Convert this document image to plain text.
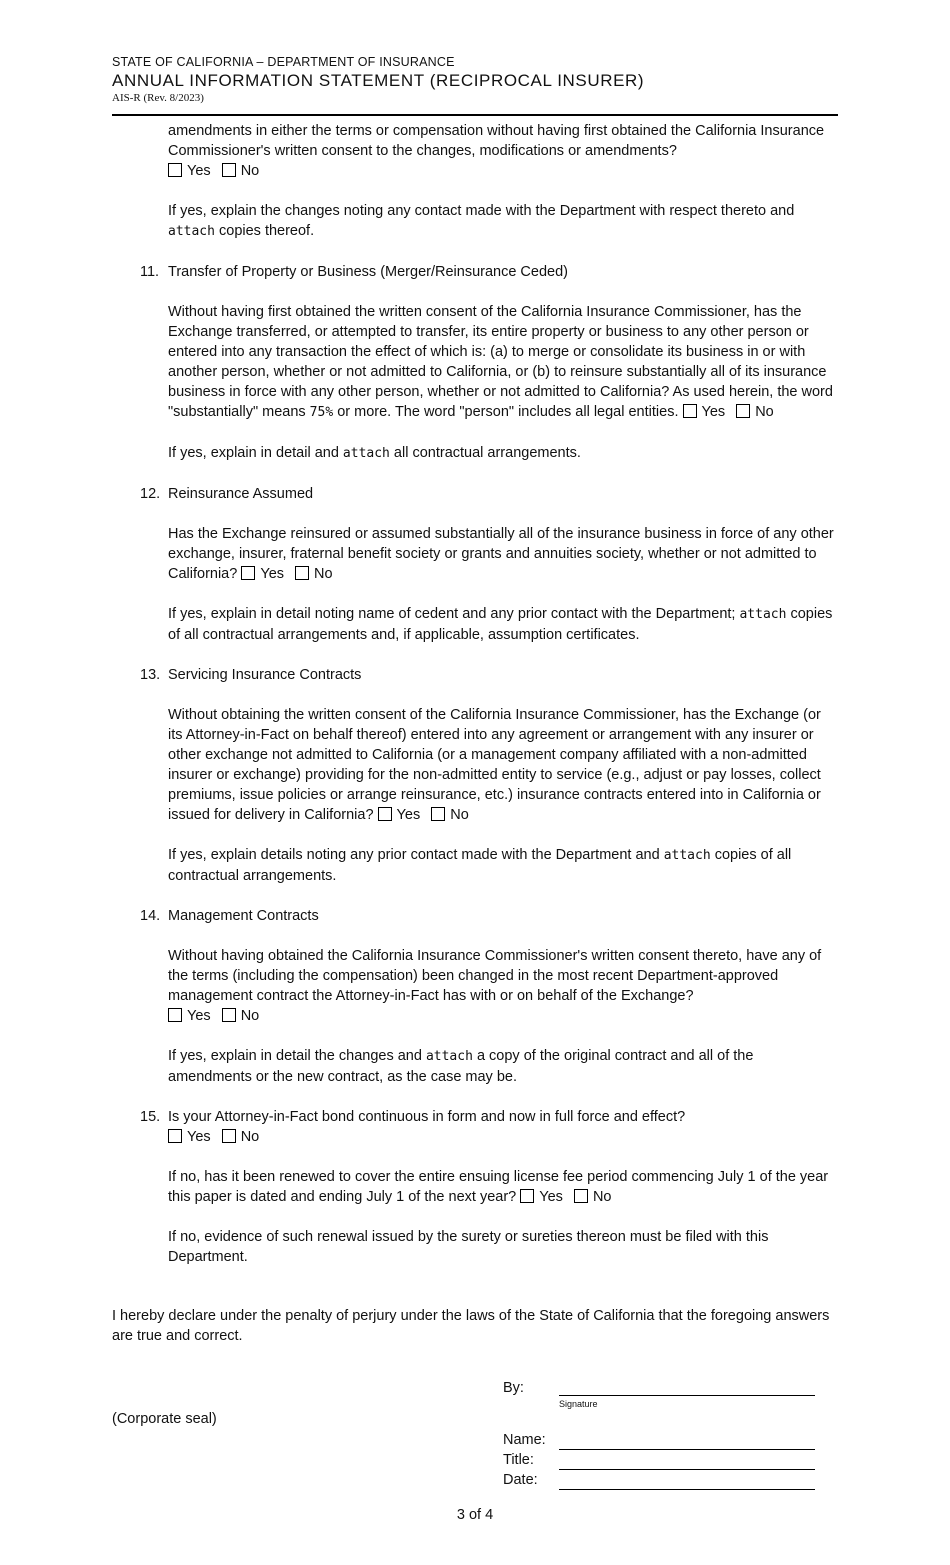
STATE OF CALIFORNIA – DEPARTMENT OF INSURANCE
ANNUAL INFORMATION STATEMENT (RECIPROCAL INSURER)
AIS-R (Rev. 8/2023)

amendments in either the terms or compensation without having first obtained the California Insurance Commissioner's written consent to the changes, modifications or amendments?

Yes No

If yes, explain the changes noting any contact made with the Department with respect thereto and attach copies thereof.

11. Transfer of Property or Business (Merger/Reinsurance Ceded)

Without having first obtained the written consent of the California Insurance Commissioner, has the Exchange transferred, or attempted to transfer, its entire property or business to any other person or entered into any transaction the effect of which is: (a) to merge or consolidate its business in or with another person, whether or not admitted to California, or (b) to reinsure substantially all of its insurance business in force with any other person, whether or not admitted to California? As used herein, the word "substantially" means 75% or more. The word "person" includes all legal entities. Yes No

If yes, explain in detail and attach all contractual arrangements.

12. Reinsurance Assumed

Has the Exchange reinsured or assumed substantially all of the insurance business in force of any other exchange, insurer, fraternal benefit society or grants and annuities society, whether or not admitted to California? Yes No

If yes, explain in detail noting name of cedent and any prior contact with the Department; attach copies of all contractual arrangements and, if applicable, assumption certificates.

13. Servicing Insurance Contracts

Without obtaining the written consent of the California Insurance Commissioner, has the Exchange (or its Attorney-in-Fact on behalf thereof) entered into any agreement or arrangement with any insurer or other exchange not admitted to California (or a management company affiliated with a non-admitted insurer or exchange) providing for the non-admitted entity to service (e.g., adjust or pay losses, collect premiums, issue policies or arrange reinsurance, etc.) insurance contracts entered into in California or issued for delivery in California? Yes No

If yes, explain details noting any prior contact made with the Department and attach copies of all contractual arrangements.

14. Management Contracts

Without having obtained the California Insurance Commissioner's written consent thereto, have any of the terms (including the compensation) been changed in the most recent Department-approved management contract the Attorney-in-Fact has with or on behalf of the Exchange?

Yes No

If yes, explain in detail the changes and attach a copy of the original contract and all of the amendments or the new contract, as the case may be.

15. Is your Attorney-in-Fact bond continuous in form and now in full force and effect?

Yes No

If no, has it been renewed to cover the entire ensuing license fee period commencing July 1 of the year this paper is dated and ending July 1 of the next year? Yes No

If no, evidence of such renewal issued by the surety or sureties thereon must be filed with this Department.

I hereby declare under the penalty of perjury under the laws of the State of California that the foregoing answers are true and correct.

By:
Signature
(Corporate seal)
Name:
Title:
Date:
3 of 4
